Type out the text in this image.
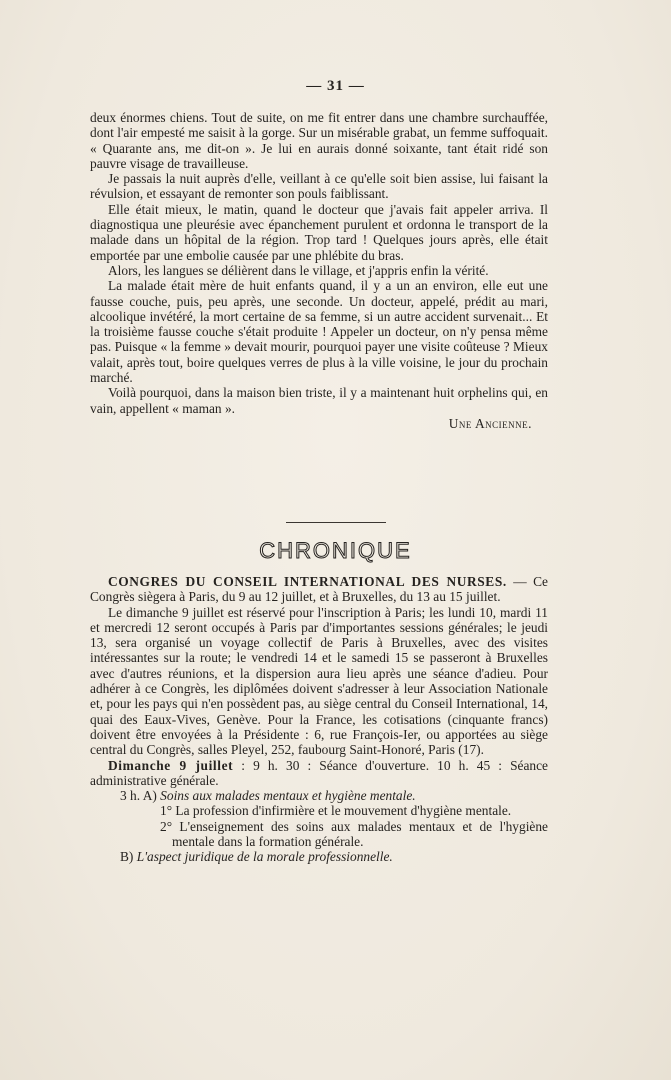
— 31 —

deux énormes chiens. Tout de suite, on me fit entrer dans une chambre surchauffée, dont l'air empesté me saisit à la gorge. Sur un misérable grabat, un femme suffoquait. « Quarante ans, me dit-on ». Je lui en aurais donné soixante, tant était ridé son pauvre visage de travailleuse.

Je passais la nuit auprès d'elle, veillant à ce qu'elle soit bien assise, lui faisant la révulsion, et essayant de remonter son pouls faiblissant.

Elle était mieux, le matin, quand le docteur que j'avais fait appeler arriva. Il diagnostiqua une pleurésie avec épanchement purulent et ordonna le transport de la malade dans un hôpital de la région. Trop tard ! Quelques jours après, elle était emportée par une embolie causée par une phlébite du bras.

Alors, les langues se délièrent dans le village, et j'appris enfin la vérité.

La malade était mère de huit enfants quand, il y a un an environ, elle eut une fausse couche, puis, peu après, une seconde. Un docteur, appelé, prédit au mari, alcoolique invétéré, la mort certaine de sa femme, si un autre accident survenait... Et la troisième fausse couche s'était produite ! Appeler un docteur, on n'y pensa même pas. Puisque « la femme » devait mourir, pourquoi payer une visite coûteuse ? Mieux valait, après tout, boire quelques verres de plus à la ville voisine, le jour du prochain marché.

Voilà pourquoi, dans la maison bien triste, il y a maintenant huit orphelins qui, en vain, appellent « maman ».

Une Ancienne.

CHRONIQUE

CONGRES DU CONSEIL INTERNATIONAL DES NURSES. — Ce Congrès siègera à Paris, du 9 au 12 juillet, et à Bruxelles, du 13 au 15 juillet.

Le dimanche 9 juillet est réservé pour l'inscription à Paris; les lundi 10, mardi 11 et mercredi 12 seront occupés à Paris par d'importantes sessions générales; le jeudi 13, sera organisé un voyage collectif de Paris à Bruxelles, avec des visites intéressantes sur la route; le vendredi 14 et le samedi 15 se passeront à Bruxelles avec d'autres réunions, et la dispersion aura lieu après une séance d'adieu. Pour adhérer à ce Congrès, les diplômées doivent s'adresser à leur Association Nationale et, pour les pays qui n'en possèdent pas, au siège central du Conseil International, 14, quai des Eaux-Vives, Genève. Pour la France, les cotisations (cinquante francs) doivent être envoyées à la Présidente : 6, rue François-Ier, ou apportées au siège central du Congrès, salles Pleyel, 252, faubourg Saint-Honoré, Paris (17).

Dimanche 9 juillet : 9 h. 30 : Séance d'ouverture. 10 h. 45 : Séance administrative générale.

3 h. A) Soins aux malades mentaux et hygiène mentale.

1° La profession d'infirmière et le mouvement d'hygiène mentale.

2° L'enseignement des soins aux malades mentaux et de l'hygiène mentale dans la formation générale.

B) L'aspect juridique de la morale professionnelle.
